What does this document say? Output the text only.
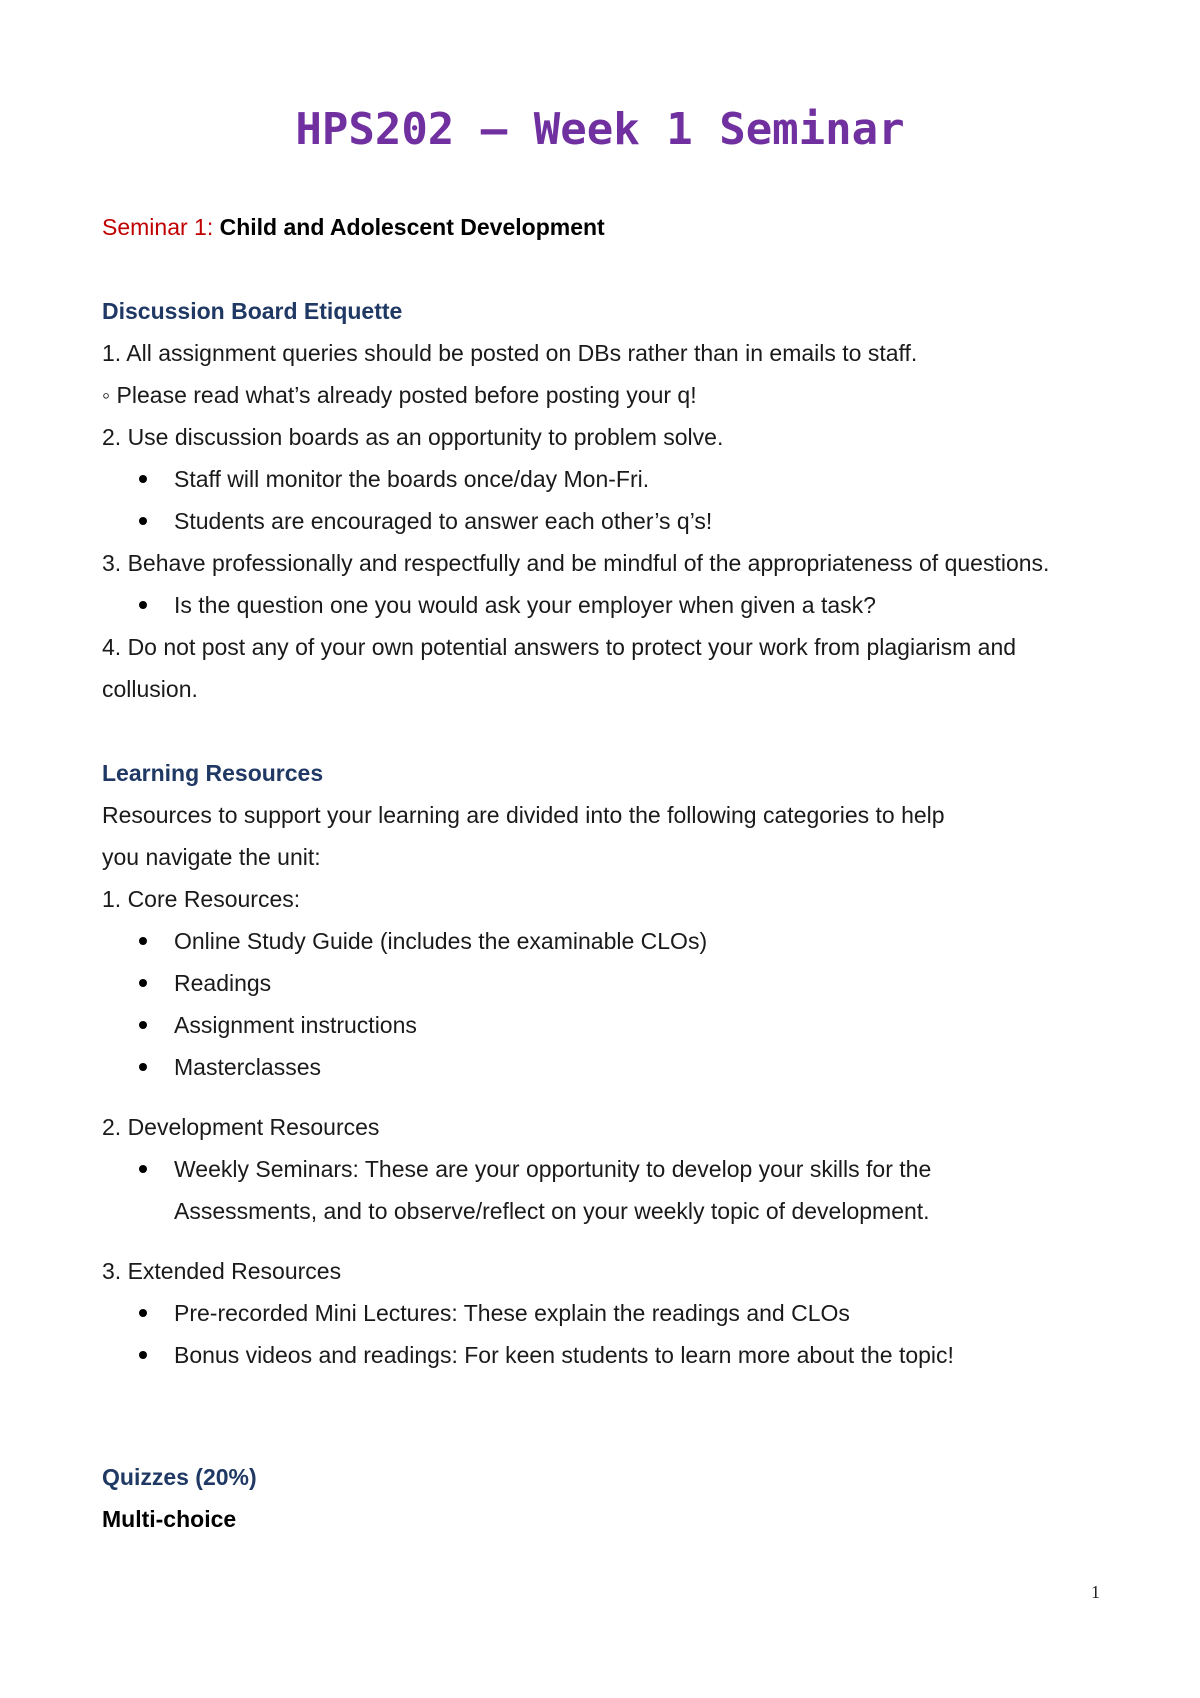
HPS202 – Week 1 Seminar

Seminar 1: Child and Adolescent Development

Discussion Board Etiquette

1. All assignment queries should be posted on DBs rather than in emails to staff.

◦ Please read what’s already posted before posting your q!

2. Use discussion boards as an opportunity to problem solve.

Staff will monitor the boards once/day Mon-Fri.
Students are encouraged to answer each other’s q’s!

3. Behave professionally and respectfully and be mindful of the appropriateness of questions.

Is the question one you would ask your employer when given a task?

4. Do not post any of your own potential answers to protect your work from plagiarism and

collusion.

Learning Resources

Resources to support your learning are divided into the following categories to help

you navigate the unit:

1. Core Resources:

Online Study Guide (includes the examinable CLOs)
Readings
Assignment instructions
Masterclasses

2. Development Resources

Weekly Seminars: These are your opportunity to develop your skills for the

Assessments, and to observe/reflect on your weekly topic of development.

3. Extended Resources

Pre-recorded Mini Lectures: These explain the readings and CLOs
Bonus videos and readings: For keen students to learn more about the topic!

Quizzes (20%)

Multi-choice

1
